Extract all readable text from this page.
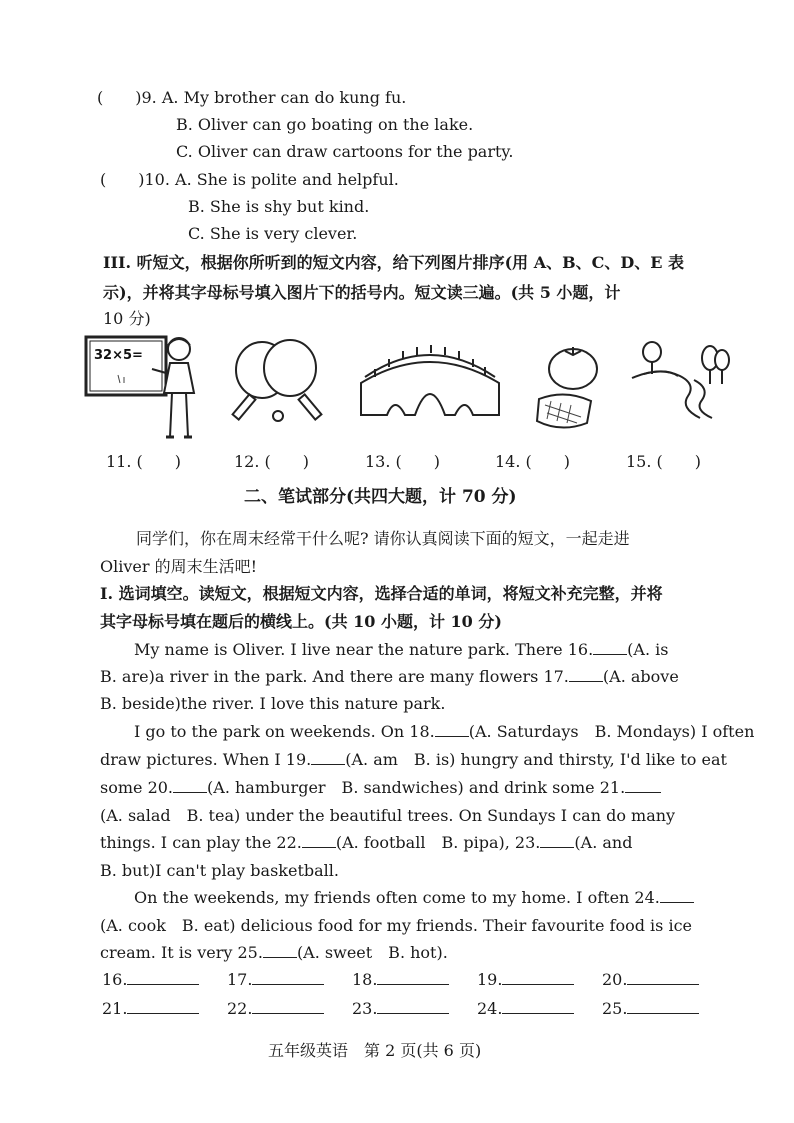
(　　)9. A. My brother can do kung fu.
B. Oliver can go boating on the lake.
C. Oliver can draw cartoons for the party.
(　　)10. A. She is polite and helpful.
B. She is shy but kind.
C. She is very clever.
III. 听短文，根据你所听到的短文内容，给下列图片排序(用 A、B、C、D、E 表
示)，并将其字母标号填入图片下的括号内。短文读三遍。(共 5 小题，计
10 分)
32×5=
11. (　　)	12. (　　)	13. (　　)	14. (　　)	15. (　　)
二、笔试部分(共四大题，计 70 分)
同学们，你在周末经常干什么呢? 请你认真阅读下面的短文，一起走进
Oliver 的周末生活吧!
I. 选词填空。读短文，根据短文内容，选择合适的单词，将短文补充完整，并将
其字母标号填在题后的横线上。(共 10 小题，计 10 分)
My name is Oliver. I live near the nature park. There 16. (A. is
B. are)a river in the park. And there are many flowers 17. (A. above
B. beside)the river. I love this nature park.
I go to the park on weekends. On 18. (A. Saturdays　B. Mondays) I often
draw pictures. When I 19. (A. am　B. is) hungry and thirsty, I'd like to eat
some 20. (A. hamburger　B. sandwiches) and drink some 21.
(A. salad　B. tea) under the beautiful trees. On Sundays I can do many
things. I can play the 22. (A. football　B. pipa), 23. (A. and
B. but)I can't play basketball.
On the weekends, my friends often come to my home. I often 24.
(A. cook　B. eat) delicious food for my friends. Their favourite food is ice
cream. It is very 25. (A. sweet　B. hot).
16.	17.	18.	19.	20.
21.	22.	23.	24.	25.
五年级英语　第 2 页(共 6 页)
